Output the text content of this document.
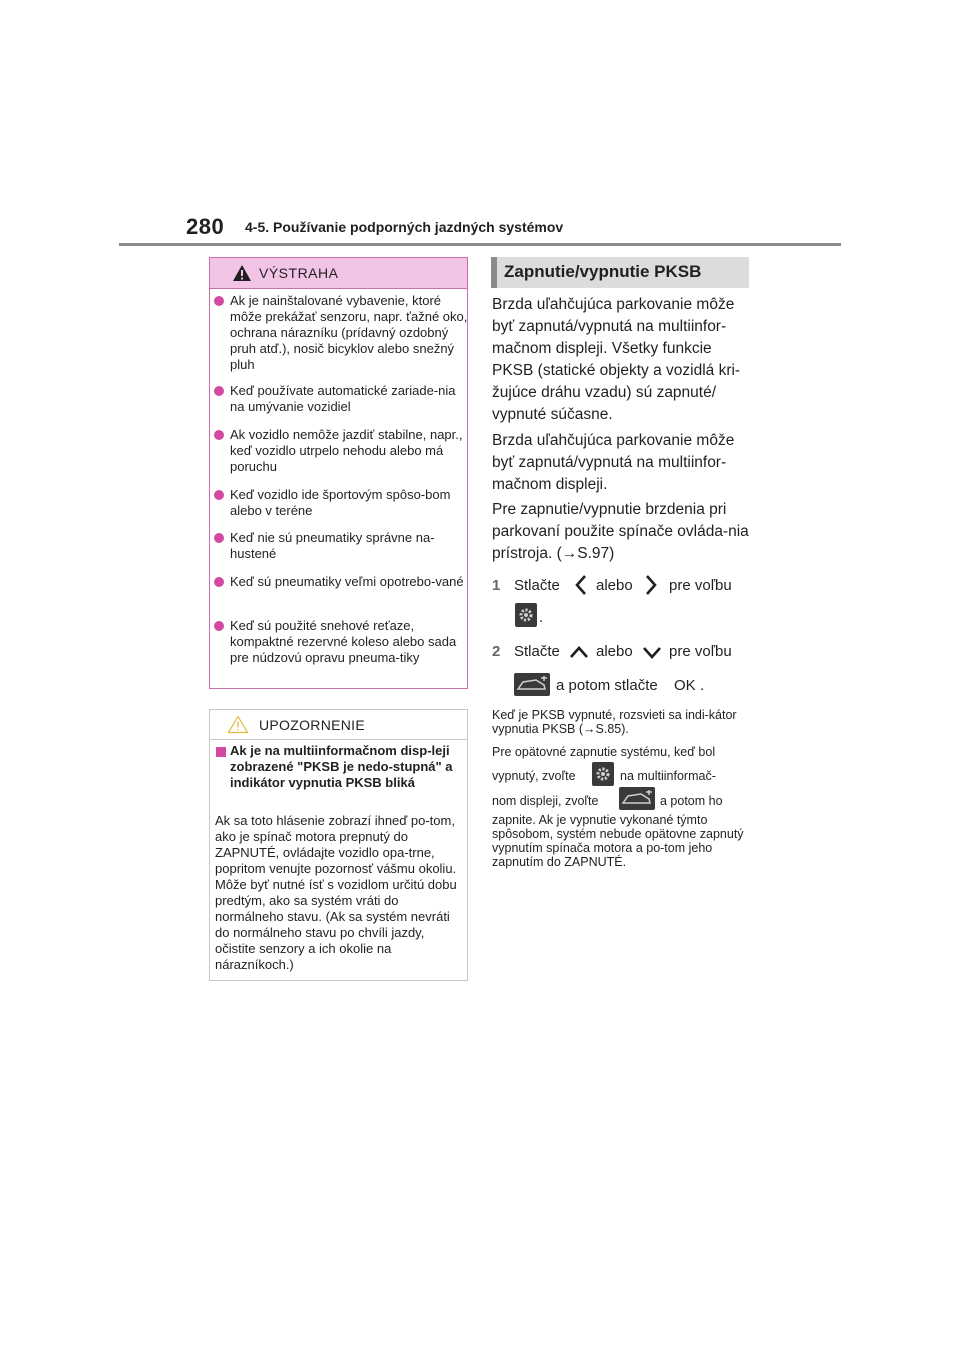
280 4-5. Používanie podporných jazdných systémov
VÝSTRAHA
Ak je nainštalované vybavenie, ktoré môže prekážať senzoru, napr. ťažné oko, ochrana nárazníku (prídavný ozdobný pruh atď.), nosič bicyklov alebo snežný pluh
Keď používate automatické zariade-nia na umývanie vozidiel
Ak vozidlo nemôže jazdiť stabilne, napr., keď vozidlo utrpelo nehodu alebo má poruchu
Keď vozidlo ide športovým spôso-bom alebo v teréne
Keď nie sú pneumatiky správne na-hustené
Keď sú pneumatiky veľmi opotrebo-vané
Keď sú použité snehové reťaze, kompaktné rezervné koleso alebo sada pre núdzovú opravu pneuma-tiky
UPOZORNENIE
Ak je na multiinformačnom disp-leji zobrazené "PKSB je nedo-stupná" a indikátor vypnutia PKSB bliká
Ak sa toto hlásenie zobrazí ihneď po-tom, ako je spínač motora prepnutý do ZAPNUTÉ, ovládajte vozidlo opa-trne, popritom venujte pozornosť vášmu okoliu. Môže byť nutné ísť s vozidlom určitú dobu predtým, ako sa systém vráti do normálneho stavu. (Ak sa systém nevráti do normálneho stavu po chvíli jazdy, očistite senzory a ich okolie na nárazníkoch.)
Zapnutie/vypnutie PKSB
Brzda uľahčujúca parkovanie môže byť zapnutá/vypnutá na multiinfor-mačnom displeji. Všetky funkcie PKSB (statické objekty a vozidlá kri-žujúce dráhu vzadu) sú zapnuté/ vypnuté súčasne.
Brzda uľahčujúca parkovanie môže byť zapnutá/vypnutá na multiinfor-mačnom displeji.
Pre zapnutie/vypnutie brzdenia pri parkovaní použite spínače ovláda-nia prístroja. (→S.97)
1 Stlačte alebo pre voľbu
.
2 Stlačte alebo pre voľbu
a potom stlačte OK .
Keď je PKSB vypnuté, rozsvieti sa indi-kátor vypnutia PKSB (→S.85).
Pre opätovné zapnutie systému, keď bol
vypnutý, zvoľte	na multiinformač-
nom displeji, zvoľte	a potom ho
zapnite. Ak je vypnutie vykonané týmto spôsobom, systém nebude opätovne zapnutý vypnutím spínača motora a po-tom jeho zapnutím do ZAPNUTÉ.
